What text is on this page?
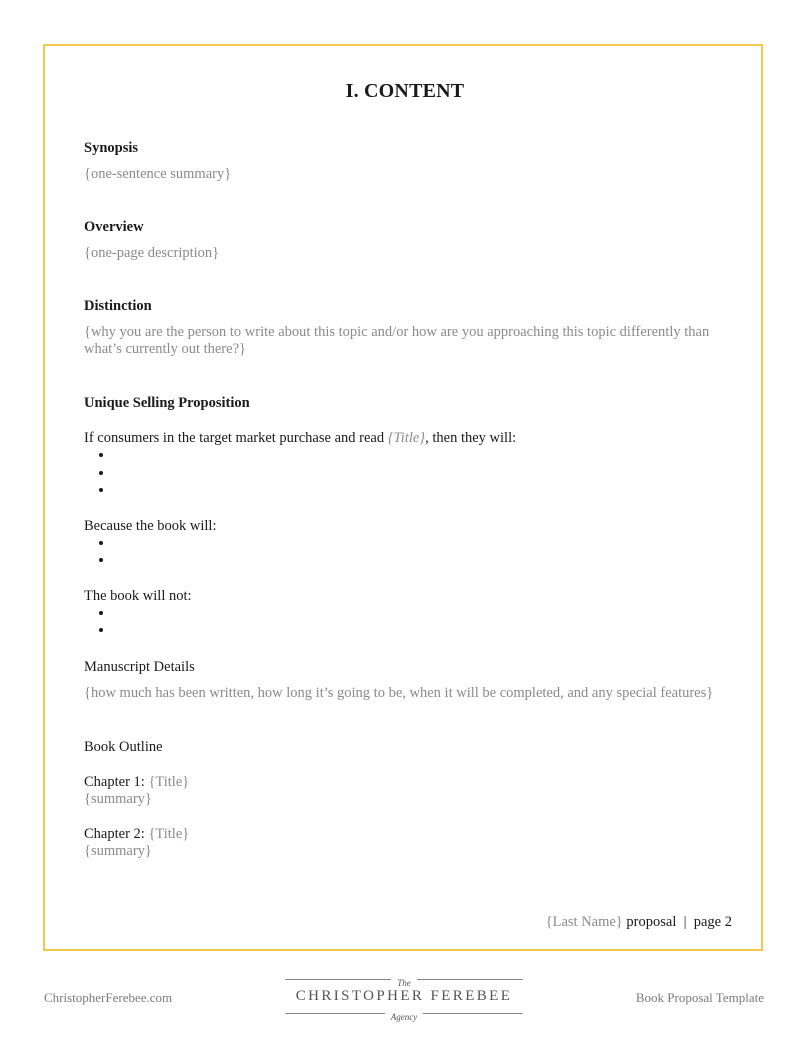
I. CONTENT

Synopsis

{one-sentence summary}

Overview

{one-page description}

Distinction

{why you are the person to write about this topic and/or how are you approaching this topic differently than what’s currently out there?}

Unique Selling Proposition

If consumers in the target market purchase and read {Title}, then they will:
Because the book will:
The book will not:

Manuscript Details

{how much has been written, how long it’s going to be, when it will be completed, and any special features}

Book Outline

Chapter 1: {Title}
{summary}
Chapter 2: {Title}
{summary}
{Last Name} proposal | page 2
ChristopherFerebee.com
The
CHRISTOPHER FEREBEE
Agency
Book Proposal Template
